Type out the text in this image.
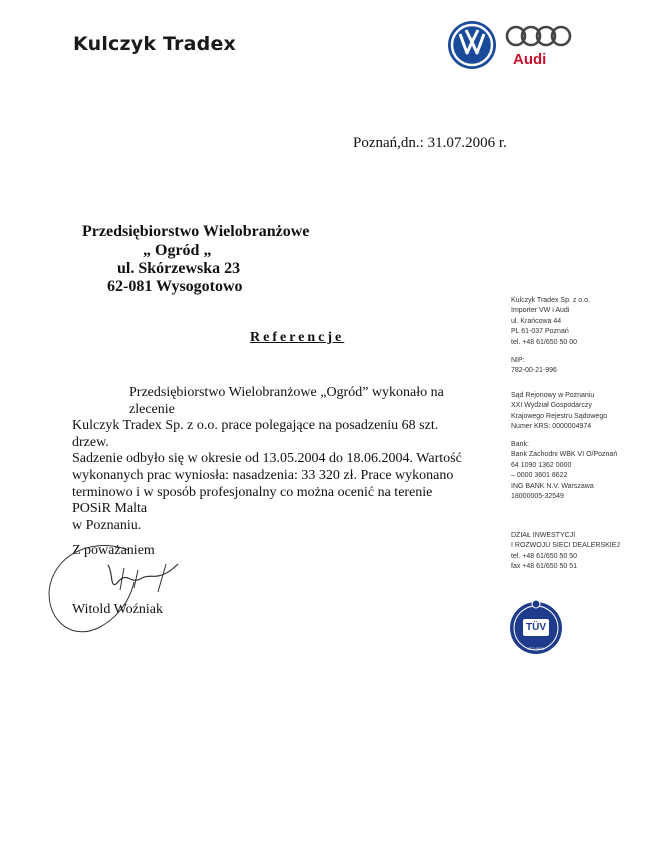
Kulczyk Tradex
Audi
Poznań,dn.: 31.07.2006 r.
Przedsiębiorstwo Wielobranżowe
„ Ogród „
ul. Skórzewska 23
62-081 Wysogotowo
Referencje

Przedsiębiorstwo Wielobranżowe „Ogród” wykonało na zlecenie

Kulczyk Tradex Sp. z o.o. prace polegające na posadzeniu 68 szt. drzew.

Sadzenie odbyło się w okresie od 13.05.2004 do 18.06.2004. Wartość

wykonanych prac wyniosła: nasadzenia: 33 320 zł. Prace wykonano

terminowo i w sposób profesjonalny co można ocenić na terenie POSiR Malta

w Poznaniu.

Kulczyk Tradex Sp. z o.o.
Importer VW i Audi
ul. Krańcowa 44
PL 61-037 Poznań
tel. +48 61/650 50 00
NIP:
782-00-21-996
Sąd Rejonowy w Poznaniu
XXI Wydział Gospodarczy
Krajowego Rejestru Sądowego
Numer KRS: 0000004974
Bank:
Bank Zachodni WBK VI O/Poznań
64 1090 1362 0000
– 0000 3601 8622
ING BANK N.V. Warszawa
18000005-32549
DZIAŁ INWESTYCJI
I ROZWOJU SIECI DEALERSKIEJ
tel. +48 61/650 50 50
fax +48 61/650 50 51
TÜV
ISO 9001
Z poważaniem
Witold Woźniak
